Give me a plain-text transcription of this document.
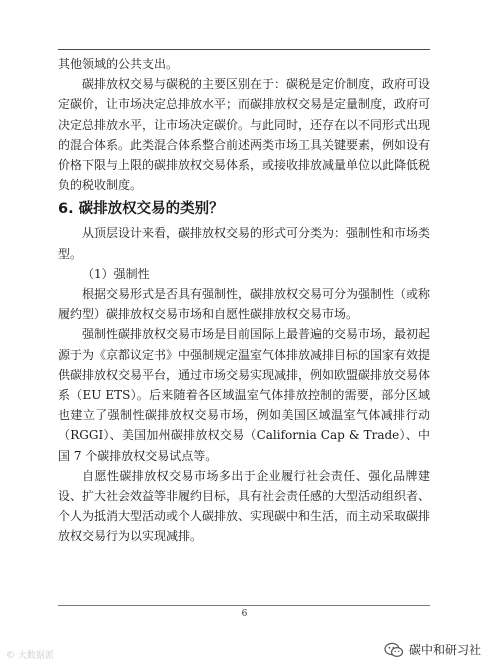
其他领域的公共支出。

碳排放权交易与碳税的主要区别在于：碳税是定价制度，政府可设定碳价，让市场决定总排放水平；而碳排放权交易是定量制度，政府可决定总排放水平，让市场决定碳价。与此同时，还存在以不同形式出现的混合体系。此类混合体系整合前述两类市场工具关键要素，例如设有价格下限与上限的碳排放权交易体系，或接收排放减量单位以此降低税负的税收制度。

6. 碳排放权交易的类别？

从顶层设计来看，碳排放权交易的形式可分类为：强制性和市场类型。

（1）强制性

根据交易形式是否具有强制性，碳排放权交易可分为强制性（或称履约型）碳排放权交易市场和自愿性碳排放权交易市场。

强制性碳排放权交易市场是目前国际上最普遍的交易市场，最初起源于为《京都议定书》中强制规定温室气体排放减排目标的国家有效提供碳排放权交易平台，通过市场交易实现减排，例如欧盟碳排放交易体系（EU ETS）。后来随着各区域温室气体排放控制的需要，部分区域也建立了强制性碳排放权交易市场，例如美国区域温室气体减排行动（RGGI）、美国加州碳排放权交易（California Cap & Trade）、中国 7 个碳排放权交易试点等。

自愿性碳排放权交易市场多出于企业履行社会责任、强化品牌建设、扩大社会效益等非履约目标，具有社会责任感的大型活动组织者、个人为抵消大型活动或个人碳排放、实现碳中和生活，而主动采取碳排放权交易行为以实现减排。

6
© 大数据派	碳中和研习社
